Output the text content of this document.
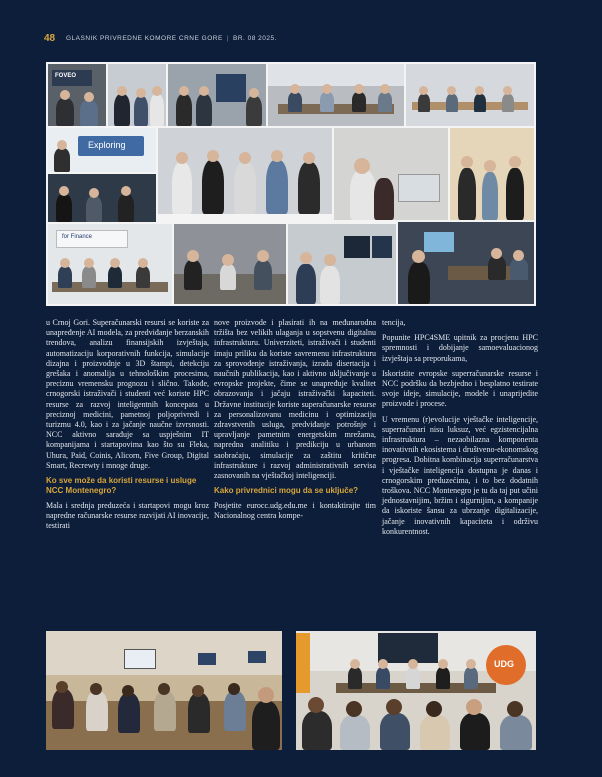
48 GLASNIK PRIVREDNE KOMORE CRNE GORE | BR. 08 2025.
FOVEO
Exploring
for Finance

u Crnoj Gori. Superačunarski resursi se koriste za unapređenje AI modela, za predviđanje berzanskih trendova, analizu finansijskih izvještaja, automatizaciju korporativnih funkcija, simulacije dizajna i proizvodnje u 3D štampi, detekciju grešaka i anomalija u tehnološkim procesima, preciznu vremensku prognozu i slično. Takođe, crnogorski istraživači i studenti već koriste HPC resurse za razvoj inteligentnih koncepata u preciznoj medicini, pametnoj poljoprivredi i turizmu 4.0, kao i za jačanje naučne izvrsnosti. NCC aktivno sarađuje sa uspješnim IT kompanijama i startapovima kao što su Fleka, Uhura, Paid, Coinis, Alicorn, Five Group, Digital Smart, Recrewty i mnoge druge.

Ko sve može da koristi resurse i usluge NCC Montenegro?

Mala i srednja preduzeća i startapovi mogu kroz napredne računarske resurse razvijati AI inovacije, testirati

nove proizvode i plasirati ih na međunarodna tržišta bez velikih ulaganja u sopstvenu digitalnu infrastrukturu. Univerziteti, istraživači i studenti imaju priliku da koriste savremenu infrastrukturu za sprovođenje istraživanja, izradu disertacija i naučnih publikacija, kao i aktivno uključivanje u evropske projekte, čime se unapređuje kvalitet obrazovanja i jačaju istraživački kapaciteti. Državne institucije koriste superačunarske resurse za personalizovanu medicinu i optimizaciju zdravstvenih usluga, predviđanje potrošnje i upravljanje pametnim energetskim mrežama, napredna analitiku i predikciju u urbanom saobraćaju, simulacije za zaštitu kritične infrastrukture i razvoj administrativnih servisa zasnovanih na vještačkoj inteligenciji.

Kako privrednici mogu da se uključe?

Posjetite eurocc.udg.edu.me i kontaktirajte tim Nacionalnog centra kompe-

tencija,

Popunite HPC4SME upitnik za procjenu HPC spremnosti i dobijanje samoevaluacionog izvještaja sa preporukama,

Iskoristite evropske superračunarske resurse i NCC podršku da bezbjedno i besplatno testirate svoje ideje, simulacije, modele i unaprijedite proizvode i procese.

U vremenu (r)evolucije vještačke inteligencije, superračunari nisu luksuz, već egzistencijalna infrastruktura – nezaobilazna komponenta inovativnih ekosistema i društveno-ekonomskog progresa. Dobitna kombinacija superračunarstva i vještačke inteligencija dostupna je danas i crnogorskim preduzećima, i to bez dodatnih troškova. NCC Montenegro je tu da taj put učini jednostavnijim, bržim i sigurnijim, a kompanije da iskoriste šansu za ubrzanje digitalizacije, jačanje inovativnih kapaciteta i održivu konkurentnost.

UDG
